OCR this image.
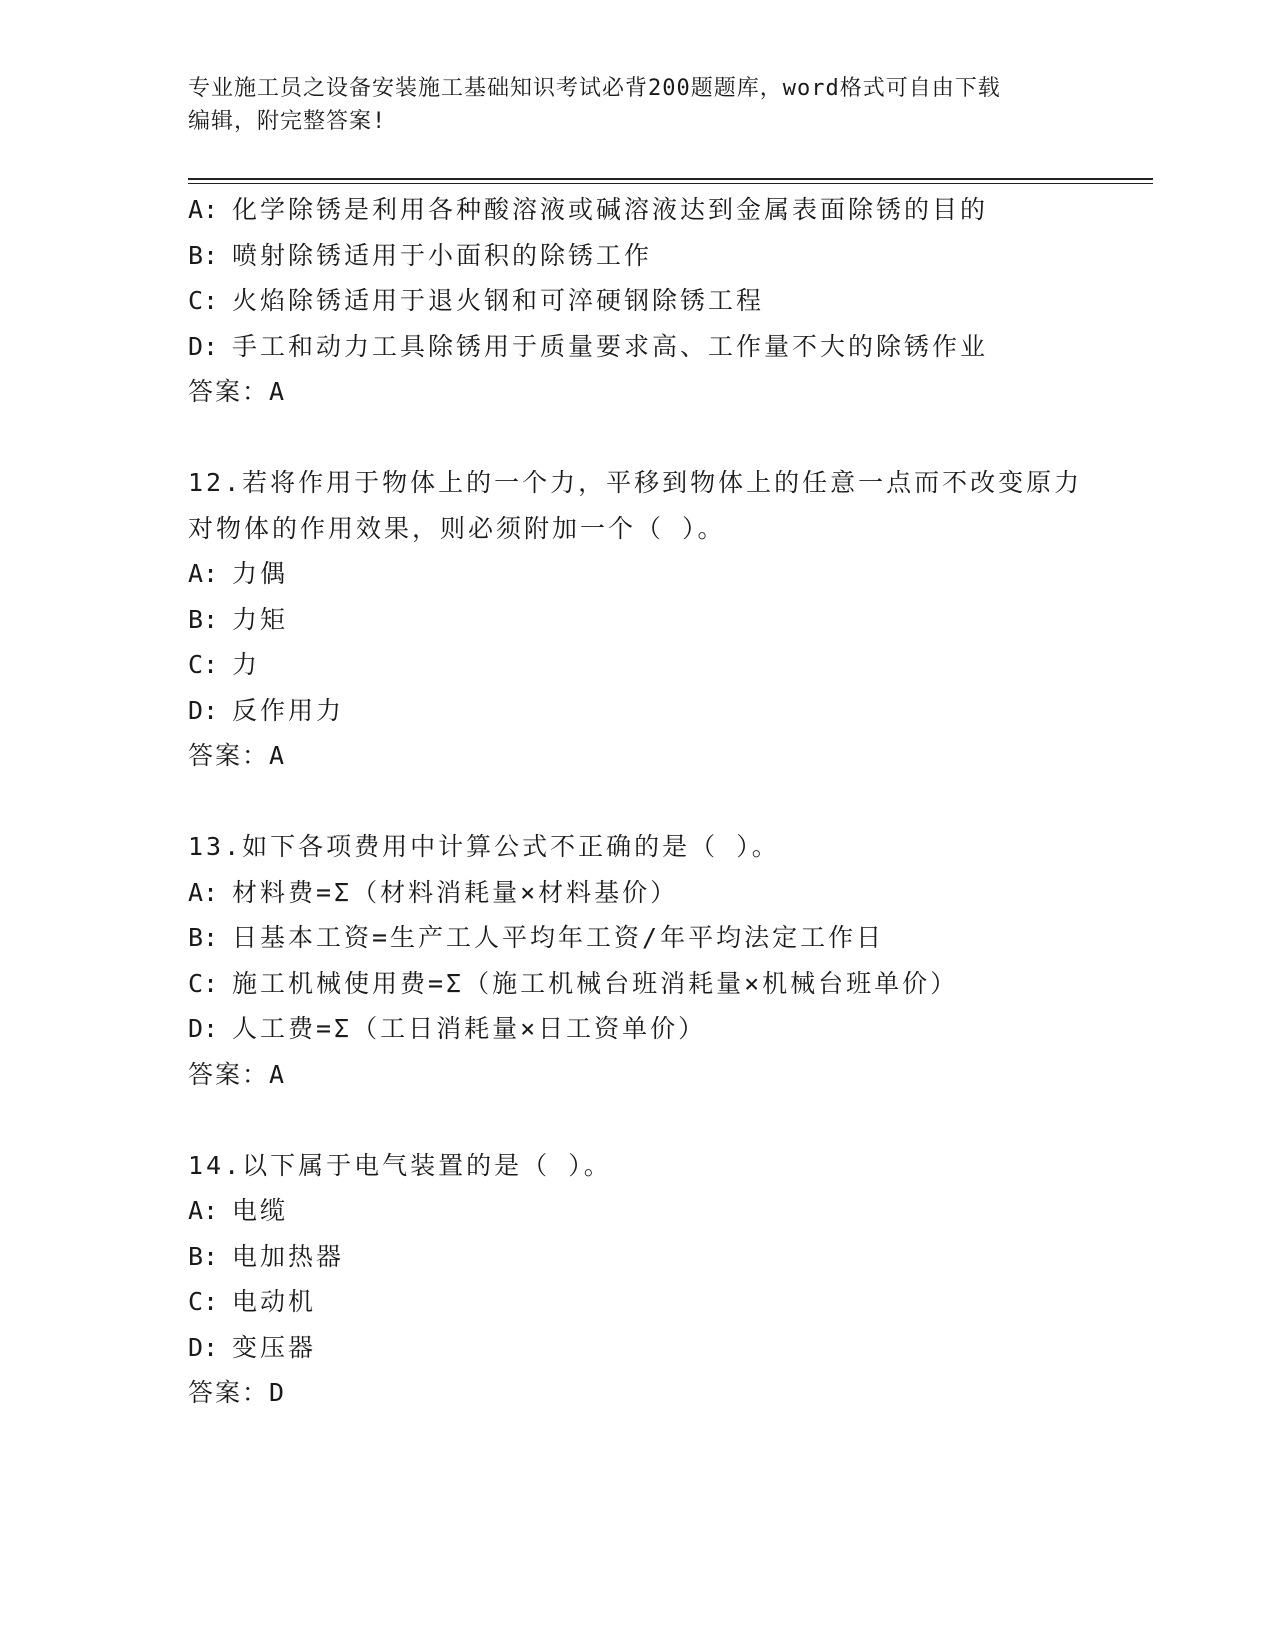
专业施工员之设备安装施工基础知识考试必背200题题库，word格式可自由下载
编辑，附完整答案!
A: 化学除锈是利用各种酸溶液或碱溶液达到金属表面除锈的目的
B: 喷射除锈适用于小面积的除锈工作
C: 火焰除锈适用于退火钢和可淬硬钢除锈工程
D: 手工和动力工具除锈用于质量要求高、工作量不大的除锈作业
答案：A
12.若将作用于物体上的一个力，平移到物体上的任意一点而不改变原力对物体的作用效果，则必须附加一个（ ）。
A: 力偶
B: 力矩
C: 力
D: 反作用力
答案：A
13.如下各项费用中计算公式不正确的是（ ）。
A: 材料费=Σ（材料消耗量×材料基价）
B: 日基本工资=生产工人平均年工资/年平均法定工作日
C: 施工机械使用费=Σ（施工机械台班消耗量×机械台班单价）
D: 人工费=Σ（工日消耗量×日工资单价）
答案：A
14.以下属于电气装置的是（ ）。
A: 电缆
B: 电加热器
C: 电动机
D: 变压器
答案：D
